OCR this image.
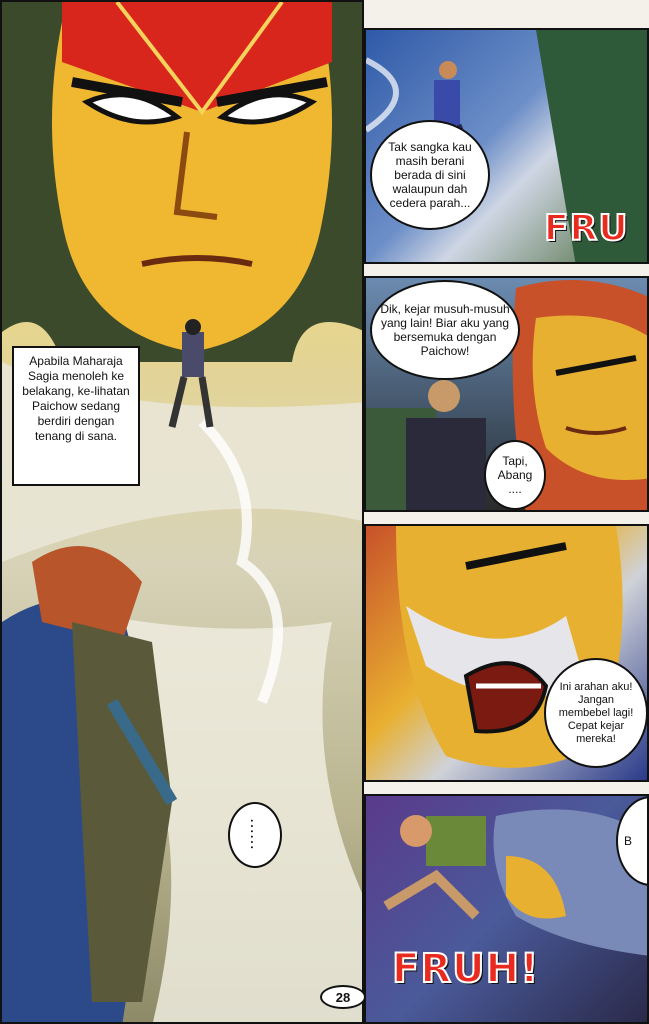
Apabila Maharaja Sagia menoleh ke belakang, ke-lihatan Paichow sedang berdiri dengan tenang di sana.
......
Tak sangka kau masih berani berada di sini walaupun dah cedera parah...
FRU
Dik, kejar musuh-musuh yang lain! Biar aku yang bersemuka dengan Paichow!
Tapi, Abang ....
Ini arahan aku! Jangan membebel lagi! Cepat kejar mereka!
B
FRUH!
28
